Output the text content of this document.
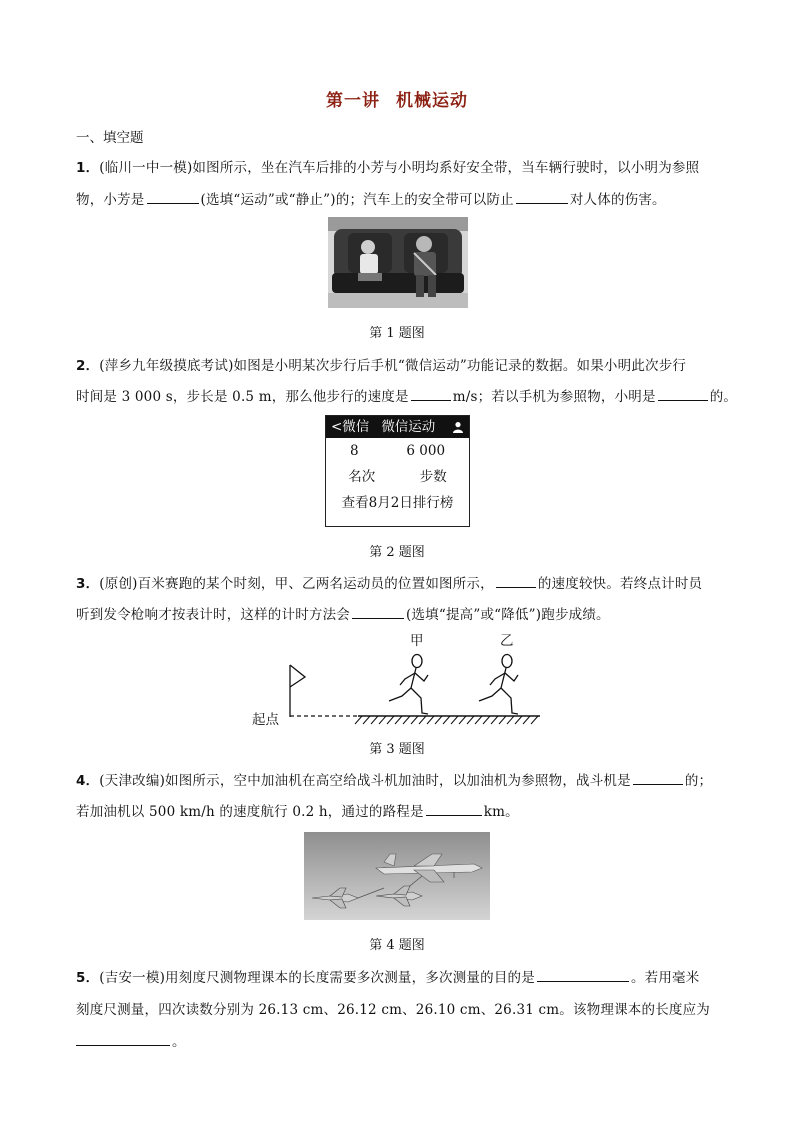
第一讲 机械运动
一、填空题
1．(临川一中一模)如图所示，坐在汽车后排的小芳与小明均系好安全带，当车辆行驶时，以小明为参照
物，小芳是	(选填“运动”或“静止”)的；汽车上的安全带可以防止	对人体的伤害。
第 1 题图
2．(萍乡九年级摸底考试)如图是小明某次步行后手机“微信运动”功能记录的数据。如果小明此次步行
时间是 3 000 s，步长是 0.5 m，那么他步行的速度是	m/s；若以手机为参照物，小明是	的。
<微信 微信运动
8	6 000
名次	步数
查看8月2日排行榜
第 2 题图
3．(原创)百米赛跑的某个时刻，甲、乙两名运动员的位置如图所示，	的速度较快。若终点计时员
听到发令枪响才按表计时，这样的计时方法会	(选填“提高”或“降低”)跑步成绩。
甲	乙
起点
第 3 题图
4．(天津改编)如图所示，空中加油机在高空给战斗机加油时，以加油机为参照物，战斗机是	的；
若加油机以 500 km/h 的速度航行 0.2 h，通过的路程是	km。
第 4 题图
5．(吉安一模)用刻度尺测物理课本的长度需要多次测量，多次测量的目的是	。若用毫米
刻度尺测量，四次读数分别为 26.13 cm、26.12 cm、26.10 cm、26.31 cm。该物理课本的长度应为
。
